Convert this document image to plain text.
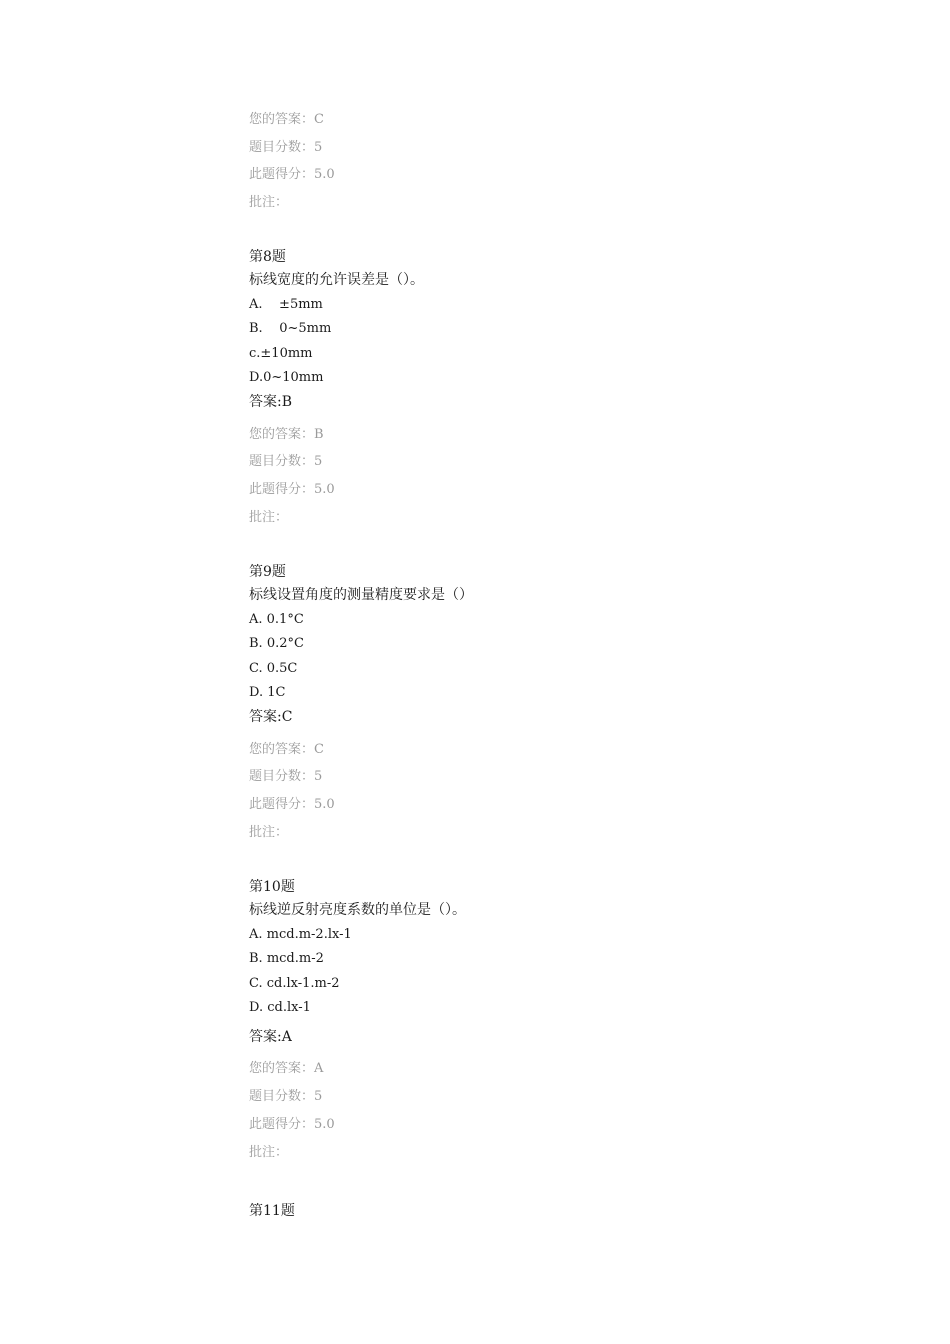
您的答案：C
题目分数：5
此题得分：5.0
批注：
第8题
标线宽度的允许误差是（）。
A.    ±5mm
B.    0~5mm
c.±10mm
D.0~10mm
答案:B
您的答案：B
题目分数：5
此题得分：5.0
批注：
第9题
标线设置角度的测量精度要求是（）
A. 0.1°C
B. 0.2°C
C. 0.5C
D. 1C
答案:C
您的答案：C
题目分数：5
此题得分：5.0
批注：
第10题
标线逆反射亮度系数的单位是（）。
A. mcd.m-2.lx-1
B. mcd.m-2
C. cd.lx-1.m-2
D. cd.lx-1
答案:A
您的答案：A
题目分数：5
此题得分：5.0
批注：
第11题
